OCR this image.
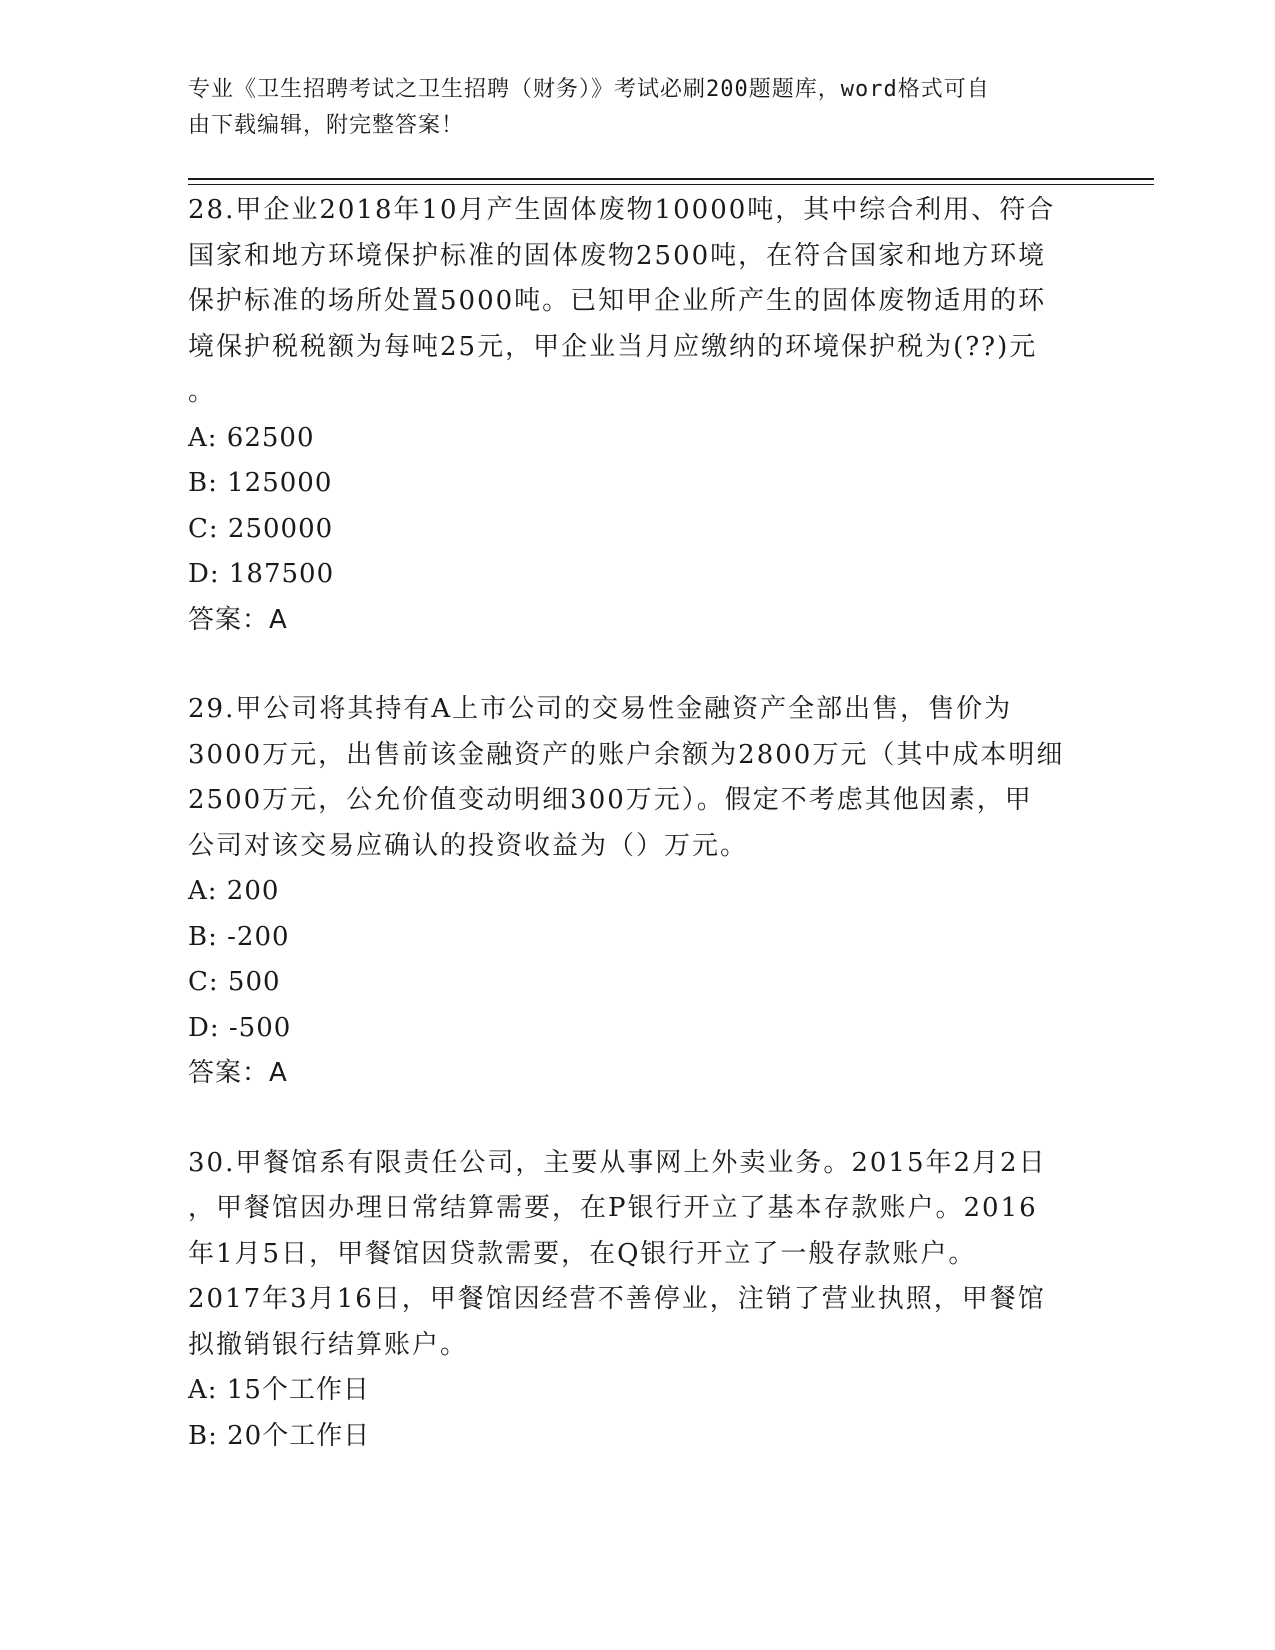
专业《卫生招聘考试之卫生招聘（财务）》考试必刷200题题库，word格式可自
由下载编辑，附完整答案！
28.甲企业2018年10月产生固体废物10000吨，其中综合利用、符合
国家和地方环境保护标准的固体废物2500吨，在符合国家和地方环境
保护标准的场所处置5000吨。已知甲企业所产生的固体废物适用的环
境保护税税额为每吨25元，甲企业当月应缴纳的环境保护税为(??)元
。
A: 62500
B: 125000
C: 250000
D: 187500
答案：A
29.甲公司将其持有A上市公司的交易性金融资产全部出售，售价为
3000万元，出售前该金融资产的账户余额为2800万元（其中成本明细
2500万元，公允价值变动明细300万元）。假定不考虑其他因素，甲
公司对该交易应确认的投资收益为（）万元。
A: 200
B: -200
C: 500
D: -500
答案：A
30.甲餐馆系有限责任公司，主要从事网上外卖业务。2015年2月2日
，甲餐馆因办理日常结算需要，在P银行开立了基本存款账户。2016
年1月5日，甲餐馆因贷款需要，在Q银行开立了一般存款账户。
2017年3月16日，甲餐馆因经营不善停业，注销了营业执照，甲餐馆
拟撤销银行结算账户。
A: 15个工作日
B: 20个工作日
